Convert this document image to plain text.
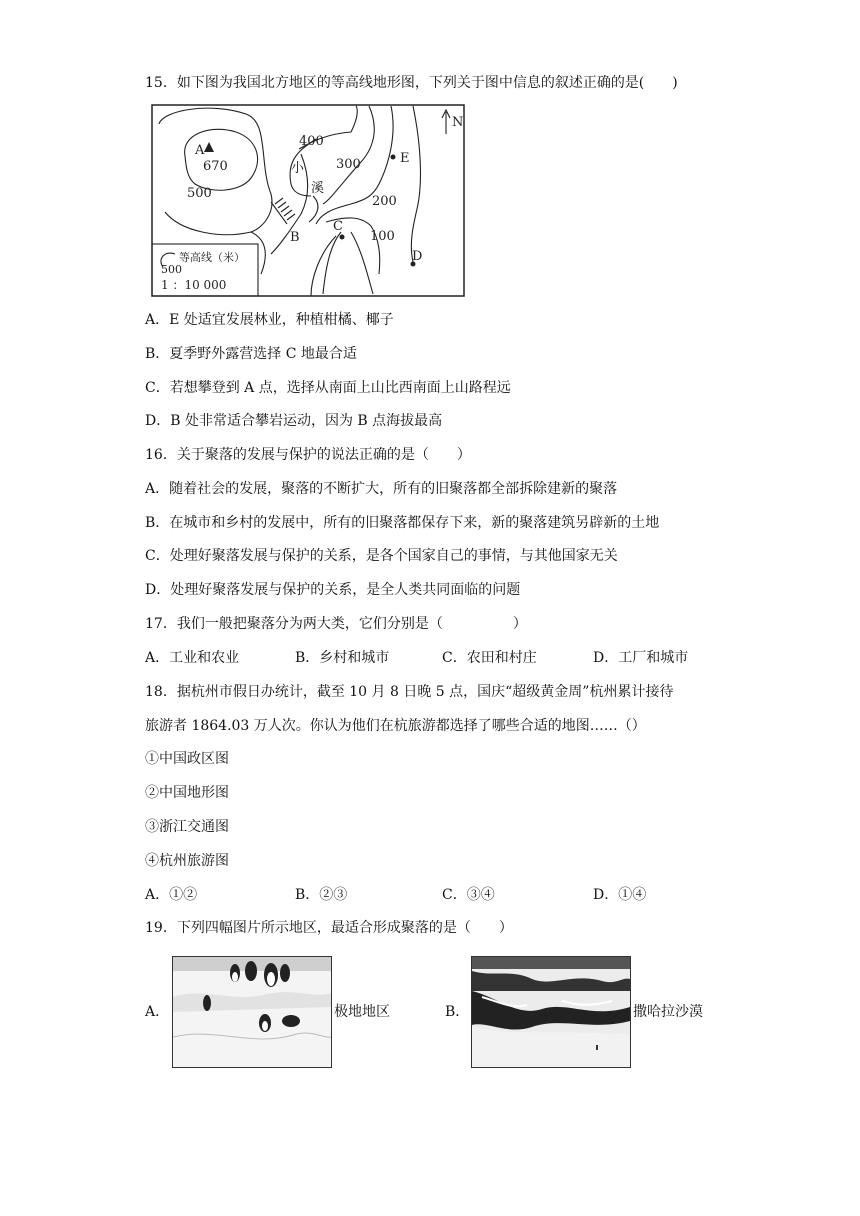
15．如下图为我国北方地区的等高线地形图，下列关于图中信息的叙述正确的是(　　)
N
A
670
500
400
300
200
100
小
溪
B
C
D
E
500
等高线（米）
1 ：10 000
A．E 处适宜发展林业，种植柑橘、椰子
B．夏季野外露营选择 C 地最合适
C．若想攀登到 A 点，选择从南面上山比西南面上山路程远
D．B 处非常适合攀岩运动，因为 B 点海拔最高
16．关于聚落的发展与保护的说法正确的是（　　）
A．随着社会的发展，聚落的不断扩大，所有的旧聚落都全部拆除建新的聚落
B．在城市和乡村的发展中，所有的旧聚落都保存下来，新的聚落建筑另辟新的土地
C．处理好聚落发展与保护的关系，是各个国家自己的事情，与其他国家无关
D．处理好聚落发展与保护的关系，是全人类共同面临的问题
17．我们一般把聚落分为两大类，它们分别是（　　　　　）
A．工业和农业	B．乡村和城市	C．农田和村庄	D．工厂和城市
18．据杭州市假日办统计，截至 10 月 8 日晚 5 点，国庆“超级黄金周”杭州累计接待
旅游者 1864.03 万人次。你认为他们在杭旅游都选择了哪些合适的地图……（）
①中国政区图
②中国地形图
③浙江交通图
④杭州旅游图
A．①②	B．②③	C．③④	D．①④
19．下列四幅图片所示地区，最适合形成聚落的是（　　）
A．	极地地区	B．	撒哈拉沙漠
